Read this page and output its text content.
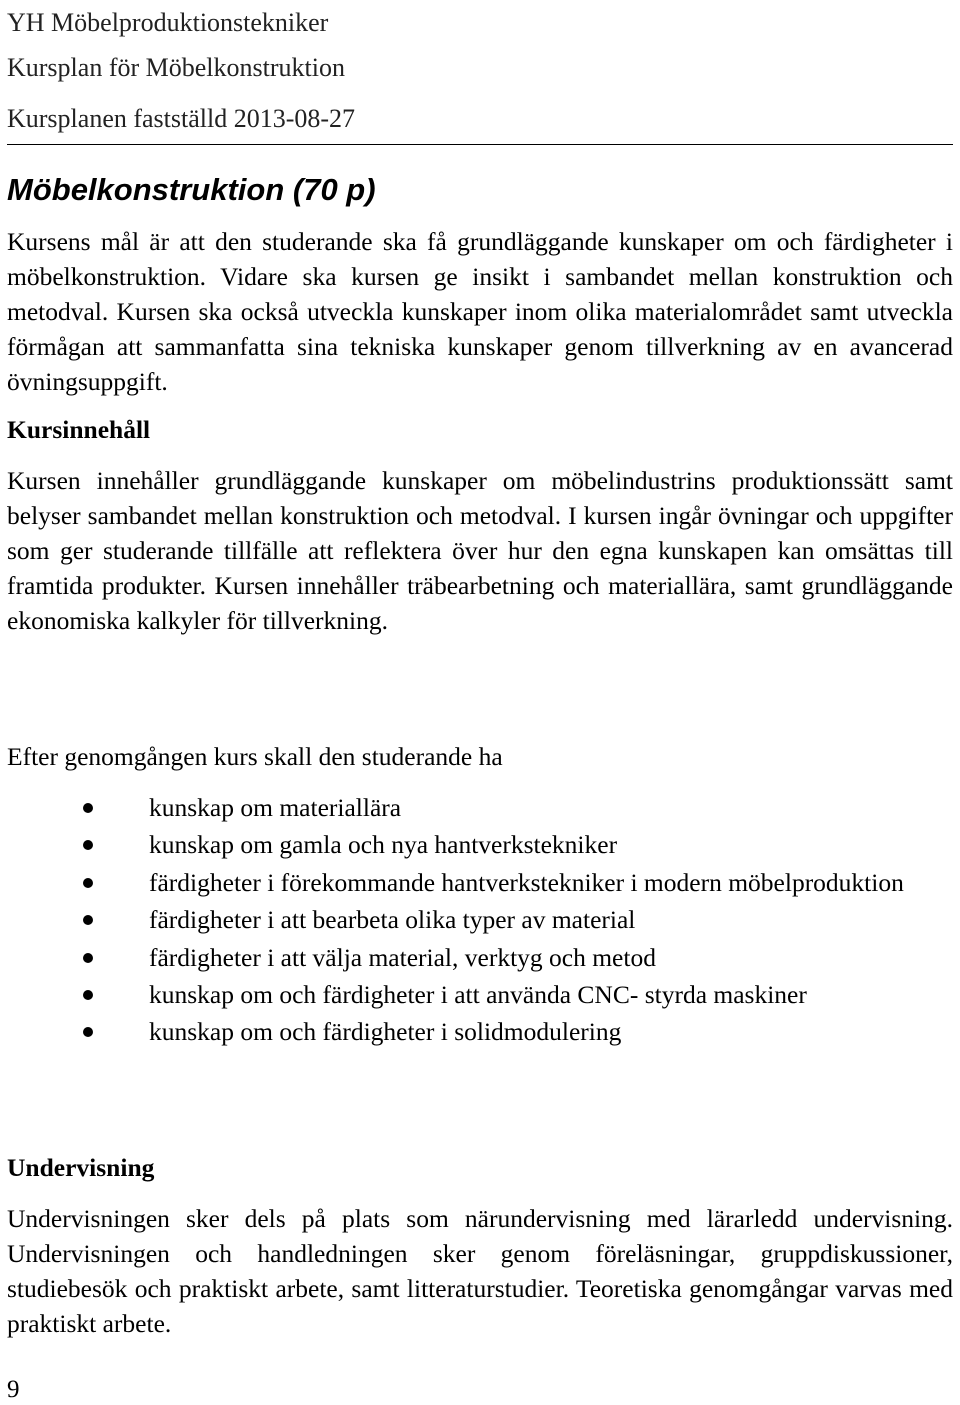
YH Möbelproduktionstekniker
Kursplan för Möbelkonstruktion
Kursplanen fastställd 2013-08-27
Möbelkonstruktion (70 p)

Kursens mål är att den studerande ska få grundläggande kunskaper om och färdigheter i möbelkonstruktion. Vidare ska kursen ge insikt i sambandet mellan konstruktion och metodval. Kursen ska också utveckla kunskaper inom olika materialområdet samt utveckla förmågan att sammanfatta sina tekniska kunskaper genom tillverkning av en avancerad övningsuppgift.

Kursinnehåll

Kursen innehåller grundläggande kunskaper om möbelindustrins produktionssätt samt belyser sambandet mellan konstruktion och metodval. I kursen ingår övningar och uppgifter som ger studerande tillfälle att reflektera över hur den egna kunskapen kan omsättas till framtida produkter. Kursen innehåller träbearbetning och materiallära, samt grundläggande ekonomiska kalkyler för tillverkning.

Efter genomgången kurs skall den studerande ha

kunskap om materiallära
kunskap om gamla och nya hantverkstekniker
färdigheter i förekommande hantverkstekniker i modern möbelproduktion
färdigheter i att bearbeta olika typer av material
färdigheter i att välja material, verktyg och metod
kunskap om och färdigheter i att använda CNC- styrda maskiner
kunskap om och färdigheter i solidmodulering
Undervisning

Undervisningen sker dels på plats som närundervisning med lärarledd undervisning. Undervisningen och handledningen sker genom föreläsningar, gruppdiskussioner, studiebesök och praktiskt arbete, samt litteraturstudier. Teoretiska genomgångar varvas med praktiskt arbete.

9
